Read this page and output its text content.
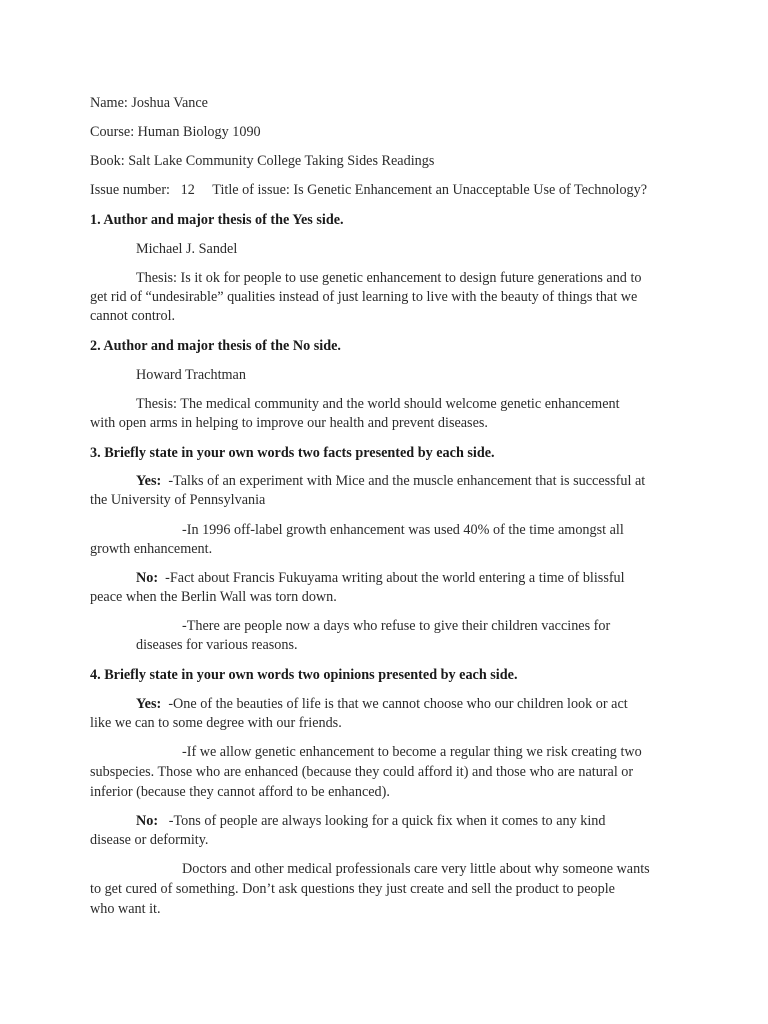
Name: Joshua Vance
Course: Human Biology 1090
Book: Salt Lake Community College Taking Sides Readings
Issue number:   12     Title of issue: Is Genetic Enhancement an Unacceptable Use of Technology?
1. Author and major thesis of the Yes side.
Michael J. Sandel
Thesis: Is it ok for people to use genetic enhancement to design future generations and to
get rid of “undesirable” qualities instead of just learning to live with the beauty of things that we
cannot control.
2. Author and major thesis of the No side.
Howard Trachtman
Thesis: The medical community and the world should welcome genetic enhancement
with open arms in helping to improve our health and prevent diseases.
3. Briefly state in your own words two facts presented by each side.
Yes:  -Talks of an experiment with Mice and the muscle enhancement that is successful at
the University of Pennsylvania
-In 1996 off-label growth enhancement was used 40% of the time amongst all
growth enhancement.
No:  -Fact about Francis Fukuyama writing about the world entering a time of blissful
peace when the Berlin Wall was torn down.
-There are people now a days who refuse to give their children vaccines for
diseases for various reasons.
4. Briefly state in your own words two opinions presented by each side.
Yes:  -One of the beauties of life is that we cannot choose who our children look or act
like we can to some degree with our friends.
-If we allow genetic enhancement to become a regular thing we risk creating two
subspecies. Those who are enhanced (because they could afford it) and those who are natural or
inferior (because they cannot afford to be enhanced).
No:   -Tons of people are always looking for a quick fix when it comes to any kind
disease or deformity.
Doctors and other medical professionals care very little about why someone wants
to get cured of something. Don’t ask questions they just create and sell the product to people
who want it.
